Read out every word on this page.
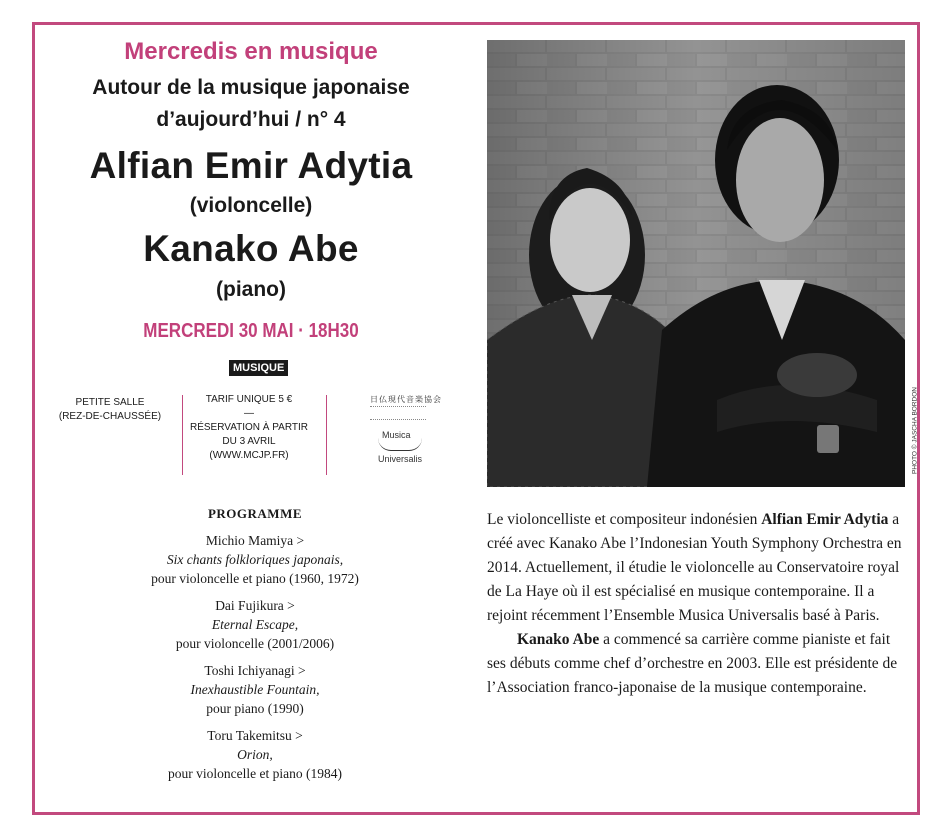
Mercredis en musique
Autour de la musique japonaise
d’aujourd’hui / n° 4
Alfian Emir Adytia
(violoncelle)
Kanako Abe
(piano)
MERCREDI 30 MAI · 18H30
MUSIQUE
PETITE SALLE
(REZ-DE-CHAUSSÉE)
TARIF UNIQUE 5 €
—
RÉSERVATION À PARTIR
DU 3 AVRIL
(WWW.MCJP.FR)
日仏現代音楽協会
Musica
Universalis
PROGRAMME
Michio Mamiya >
Six chants folkloriques japonais,
pour violoncelle et piano (1960, 1972)
Dai Fujikura >
Eternal Escape,
pour violoncelle (2001/2006)
Toshi Ichiyanagi >
Inexhaustible Fountain,
pour piano (1990)
Toru Takemitsu >
Orion,
pour violoncelle et piano (1984)
PHOTO © JASCHA BORDON

Le violoncelliste et compositeur indonésien Alfian Emir Adytia a créé avec Kanako Abe l’Indonesian Youth Symphony Orchestra en 2014. Actuellement, il étudie le violoncelle au Conservatoire royal de La Haye où il est spécialisé en musique contemporaine. Il a rejoint récemment l’Ensemble Musica Universalis basé à Paris.

Kanako Abe a commencé sa carrière comme pianiste et fait ses débuts comme chef d’orchestre en 2003. Elle est présidente de l’Association franco-japonaise de la musique contemporaine.
